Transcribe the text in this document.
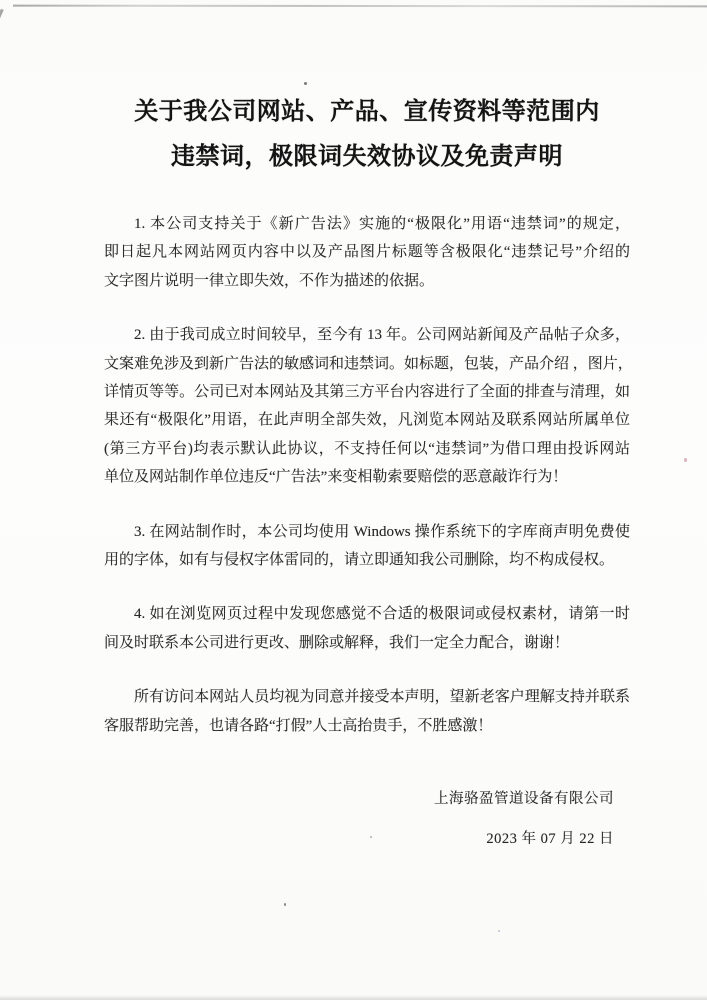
关于我公司网站、产品、宣传资料等范围内
违禁词，极限词失效协议及免责声明
1. 本公司支持关于《新广告法》实施的“极限化”用语“违禁词”的规定，
即日起凡本网站网页内容中以及产品图片标题等含极限化“违禁记号”介绍的
文字图片说明一律立即失效，不作为描述的依据。
2. 由于我司成立时间较早，至今有 13 年。公司网站新闻及产品帖子众多，
文案难免涉及到新广告法的敏感词和违禁词。如标题，包装，产品介绍 ，图片，
详情页等等。公司已对本网站及其第三方平台内容进行了全面的排查与清理，如
果还有“极限化”用语，在此声明全部失效，凡浏览本网站及联系网站所属单位
(第三方平台)均表示默认此协议，不支持任何以“违禁词”为借口理由投诉网站
单位及网站制作单位违反“广告法”来变相勒索要赔偿的恶意敲诈行为！
3. 在网站制作时，本公司均使用 Windows 操作系统下的字库商声明免费使
用的字体，如有与侵权字体雷同的，请立即通知我公司删除，均不构成侵权。
4. 如在浏览网页过程中发现您感觉不合适的极限词或侵权素材，请第一时
间及时联系本公司进行更改、删除或解释，我们一定全力配合，谢谢！
所有访问本网站人员均视为同意并接受本声明，望新老客户理解支持并联系
客服帮助完善，也请各路“打假”人士高抬贵手，不胜感激！
上海骆盈管道设备有限公司
2023 年 07 月 22 日
